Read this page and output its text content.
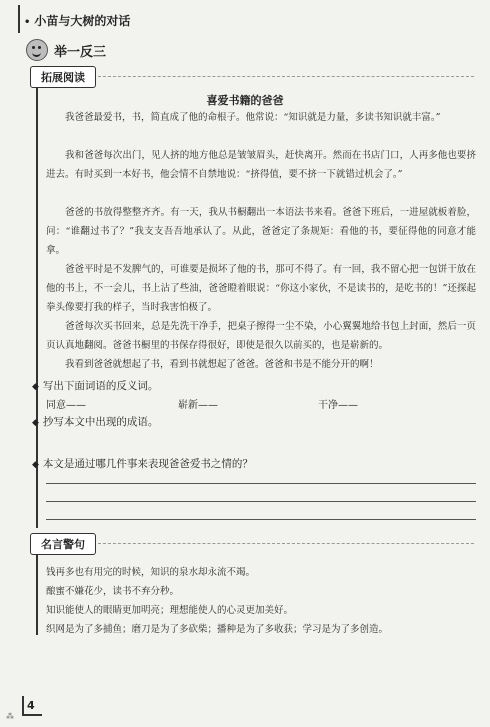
• 小苗与大树的对话
举一反三
拓展阅读
喜爱书籍的爸爸

我爸爸最爱书，书，简直成了他的命根子。他常说：“知识就是力量，多读书知识就丰富。”

我和爸爸每次出门，见人挤的地方他总是皱皱眉头，赶快离开。然而在书店门口，人再多他也要挤进去。有时买到一本好书，他会情不自禁地说：“挤得值，要不挤一下就错过机会了。”

爸爸的书放得整整齐齐。有一天，我从书橱翻出一本语法书来看。爸爸下班后，一进屋就板着脸，问：“谁翻过书了？”我支支吾吾地承认了。从此，爸爸定了条规矩：看他的书，要征得他的同意才能拿。

爸爸平时是不发脾气的，可谁要是损坏了他的书，那可不得了。有一回，我不留心把一包饼干放在他的书上，不一会儿，书上沾了些油，爸爸瞪着眼说：“你这小家伙，不是读书的，是吃书的！”还探起拳头像要打我的样子，当时我害怕极了。

爸爸每次买书回来，总是先洗干净手，把桌子擦得一尘不染，小心翼翼地给书包上封面，然后一页页认真地翻阅。爸爸书橱里的书保存得很好，即使是很久以前买的，也是崭新的。

我看到爸爸就想起了书，看到书就想起了爸爸。爸爸和书是不能分开的啊！

◆ 写出下面词语的反义词。
同意——	崭新——	干净——
◆ 抄写本文中出现的成语。
◆ 本文是通过哪几件事来表现爸爸爱书之情的？
名言警句
钱再多也有用完的时候，知识的泉水却永流不竭。
酿蜜不嫌花少，读书不弃分秒。
知识能使人的眼睛更加明亮；理想能使人的心灵更加美好。
织网是为了多捕鱼；磨刀是为了多砍柴；播种是为了多收获；学习是为了多创造。
4
⁂
